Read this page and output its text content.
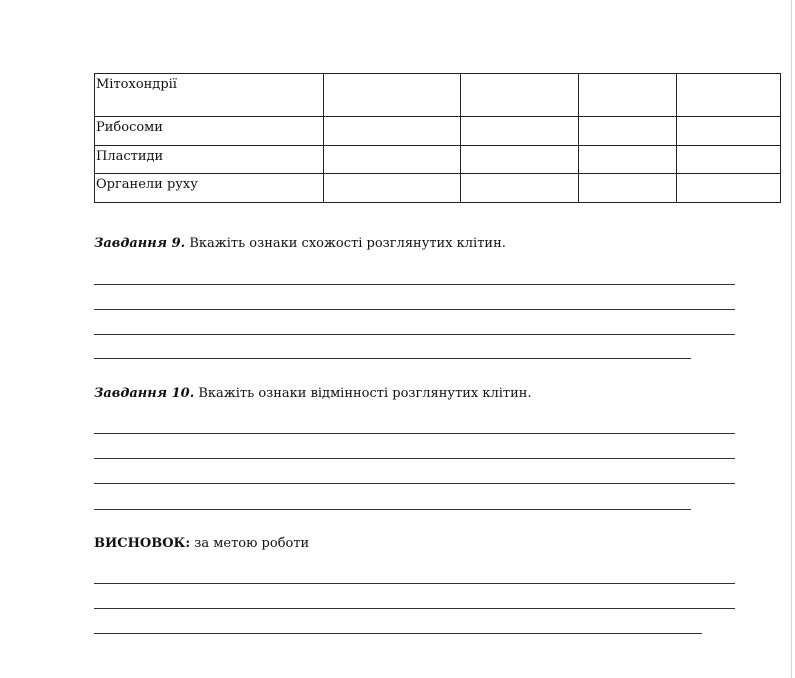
Мітохондрії				
Рибосоми				
Пластиди				
Органели руху				
Завдання 9. Вкажіть ознаки схожості розглянутих клітин.
Завдання 10. Вкажіть ознаки відмінності розглянутих клітин.
ВИСНОВОК: за метою роботи
